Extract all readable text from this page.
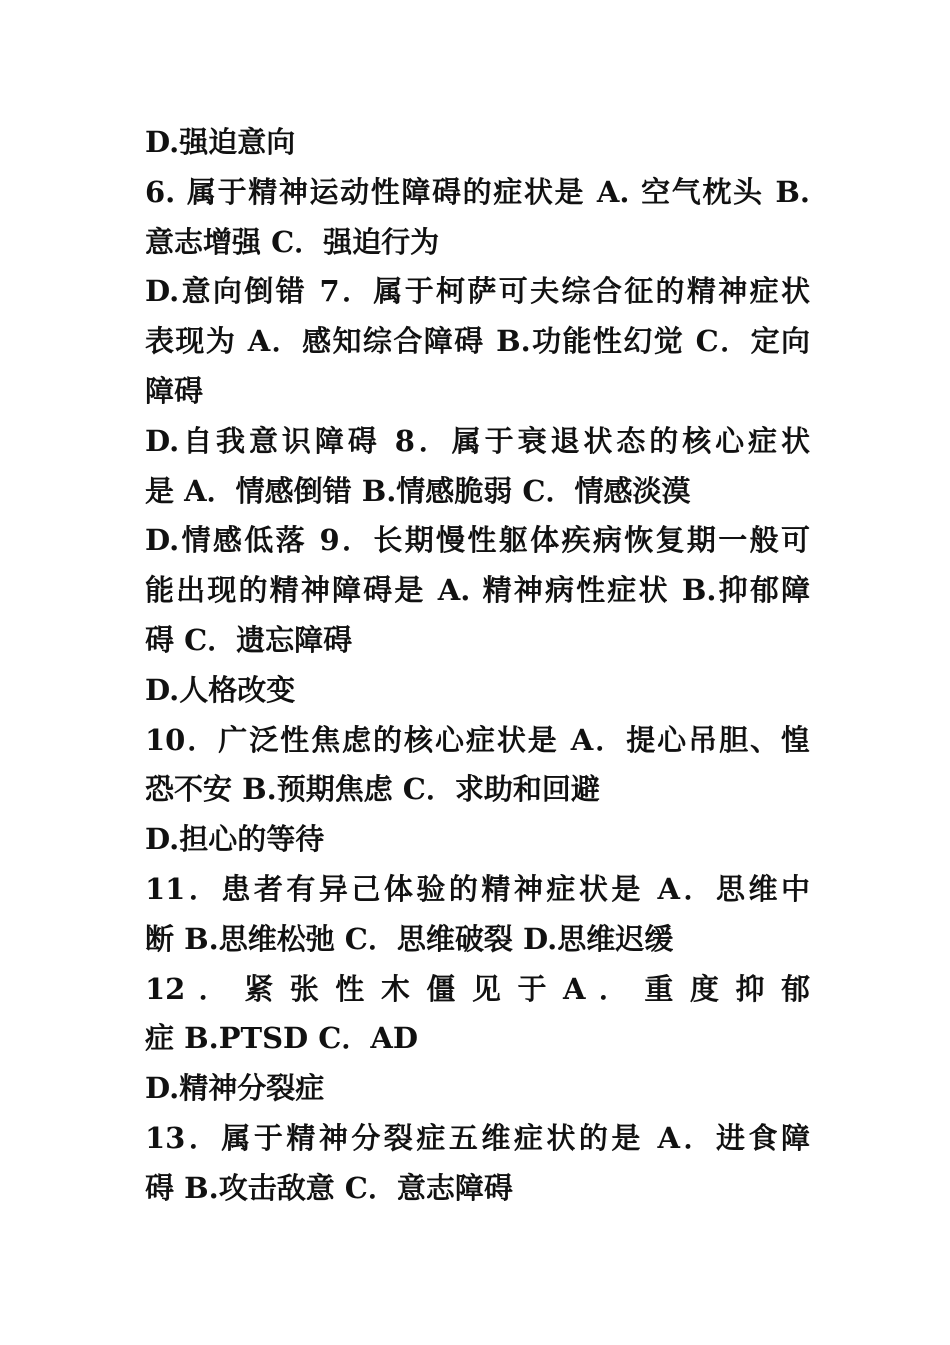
D.强迫意向
6. 属于精神运动性障碍的症状是 A. 空气枕头 B.
意志增强 C．强迫行为
D.意向倒错 7．属于柯萨可夫综合征的精神症状
表现为 A．感知综合障碍 B.功能性幻觉 C．定向
障碍
D.自我意识障碍 8．属于衰退状态的核心症状
是 A．情感倒错 B.情感脆弱 C．情感淡漠
D.情感低落 9．长期慢性躯体疾病恢复期一般可
能出现的精神障碍是 A. 精神病性症状 B.抑郁障
碍 C．遗忘障碍
D.人格改变
10．广泛性焦虑的核心症状是 A．提心吊胆、惶
恐不安 B.预期焦虑 C．求助和回避
D.担心的等待
11．患者有异己体验的精神症状是 A．思维中
断 B.思维松弛 C．思维破裂 D.思维迟缓
12 ． 紧 张 性 木 僵 见 于 A ． 重 度 抑 郁
症 B.PTSD C．AD
D.精神分裂症
13．属于精神分裂症五维症状的是 A．进食障
碍 B.攻击敌意 C．意志障碍
